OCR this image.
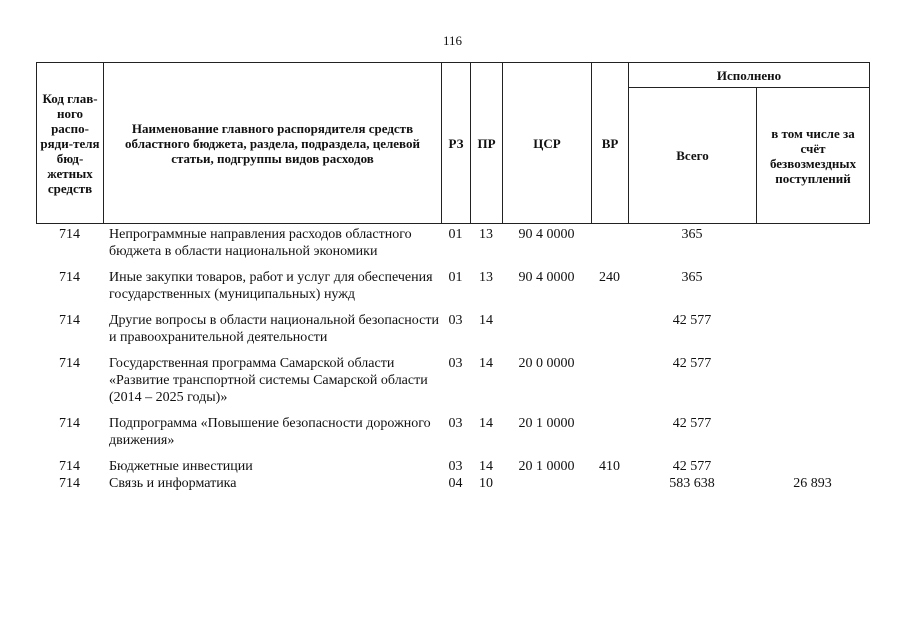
116
Код глав-ного распо-ряди-теля бюд-жетных средств	Наименование главного распорядителя средств областного бюджета, раздела, подраздела, целевой статьи, подгруппы видов расходов	РЗ	ПР	ЦСР	ВР	Исполнено	
						Всего	в том числе за счёт безвозмездных поступлений
714	Непрограммные направления расходов областного бюджета в области национальной экономики	01	13	90 4 0000		365	
714	Иные закупки товаров, работ и услуг для обеспечения государственных (муниципальных) нужд	01	13	90 4 0000	240	365	
714	Другие вопросы в области национальной безопасности и правоохранительной деятельности	03	14			42 577	
714	Государственная программа Самарской области «Развитие транспортной системы Самарской области (2014 – 2025 годы)»	03	14	20 0 0000		42 577	
714	Подпрограмма «Повышение безопасности дорожного движения»	03	14	20 1 0000		42 577	
714	Бюджетные инвестиции	03	14	20 1 0000	410	42 577	
714	Связь и информатика	04	10			583 638	26 893
